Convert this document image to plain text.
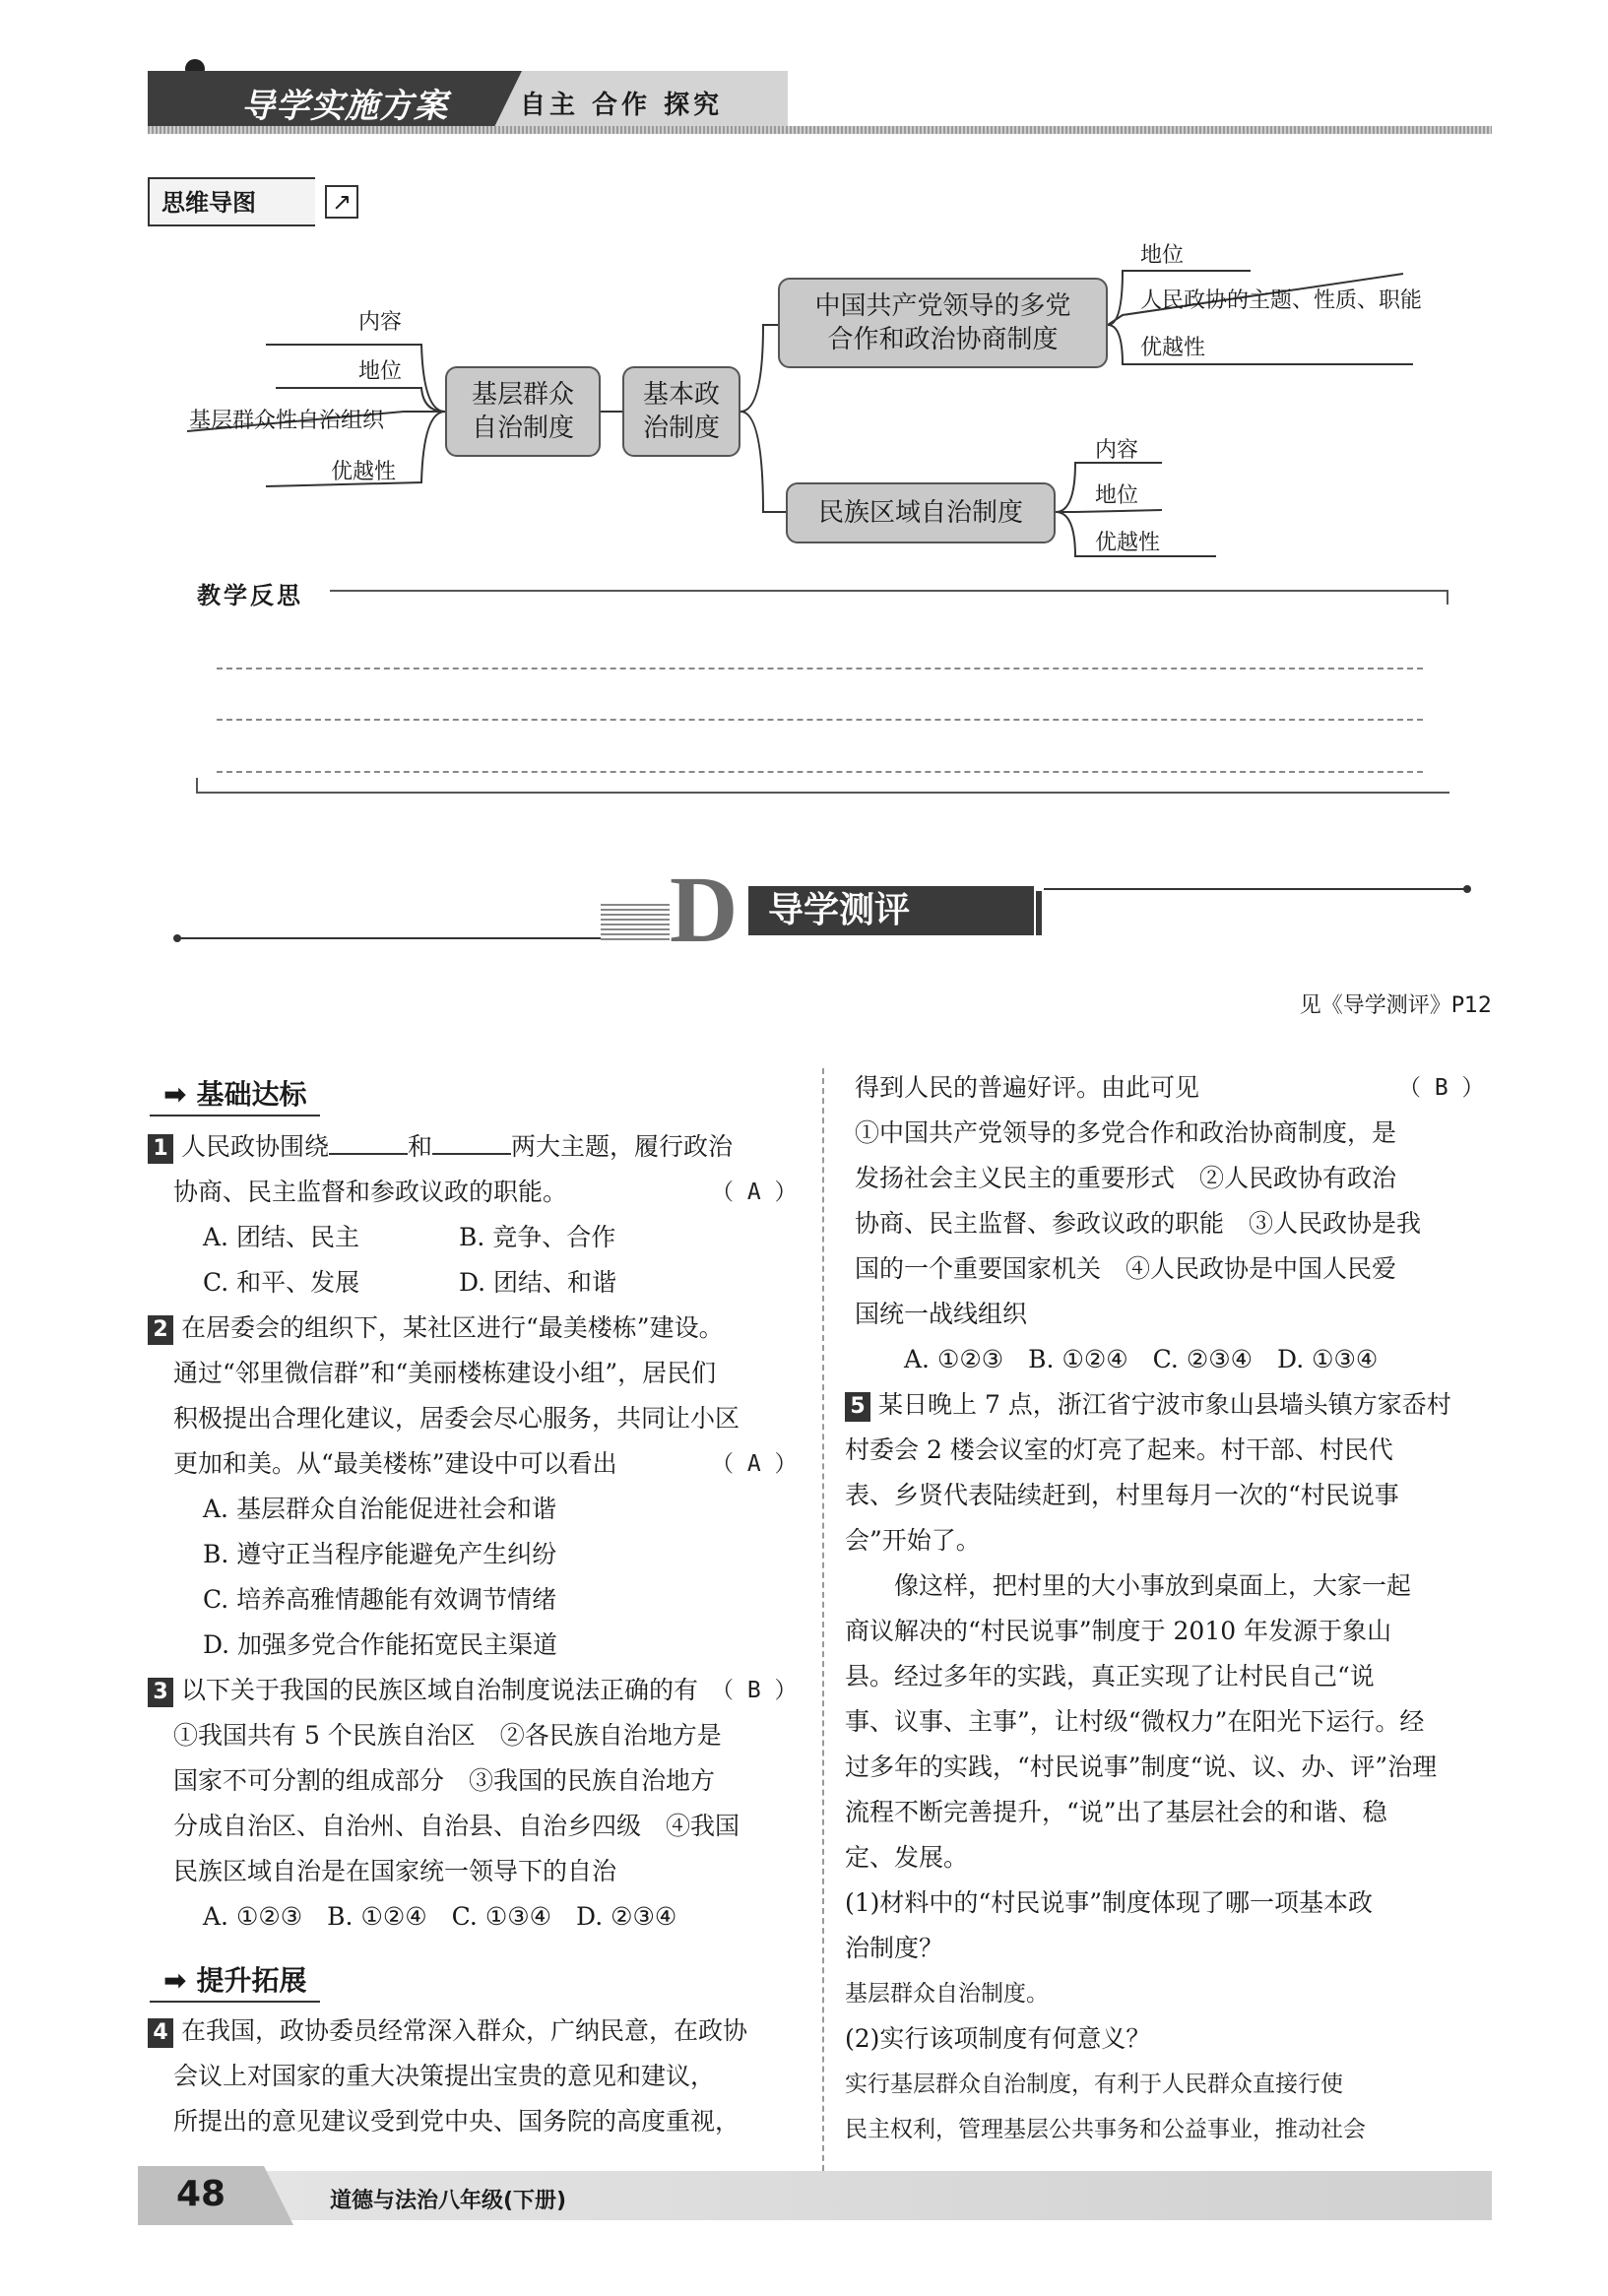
导学实施方案	自主 合作 探究
思维导图	↗
基层群众
自治制度
基本政
治制度
中国共产党领导的多党
合作和政治协商制度
民族区域自治制度
内容
地位
基层群众性自治组织
优越性
地位
人民政协的主题、性质、职能
优越性
内容
地位
优越性
教学反思
D 导学测评
见《导学测评》P12
➡ 基础达标
1 人民政协围绕	和	两大主题，履行政治
协商、民主监督和参政议政的职能。
A. 团结、民主	B. 竞争、合作
C. 和平、发展	D. 团结、和谐
（ A ）
2 在居委会的组织下，某社区进行“最美楼栋”建设。
通过“邻里微信群”和“美丽楼栋建设小组”，居民们
积极提出合理化建议，居委会尽心服务，共同让小区
更加和美。从“最美楼栋”建设中可以看出
A. 基层群众自治能促进社会和谐
B. 遵守正当程序能避免产生纠纷
C. 培养高雅情趣能有效调节情绪
D. 加强多党合作能拓宽民主渠道
（ A ）
3 以下关于我国的民族区域自治制度说法正确的有
①我国共有 5 个民族自治区　②各民族自治地方是
国家不可分割的组成部分　③我国的民族自治地方
分成自治区、自治州、自治县、自治乡四级　④我国
民族区域自治是在国家统一领导下的自治
A. ①②③　B. ①②④　C. ①③④　D. ②③④
（ B ）
➡ 提升拓展
4 在我国，政协委员经常深入群众，广纳民意，在政协
会议上对国家的重大决策提出宝贵的意见和建议，
所提出的意见建议受到党中央、国务院的高度重视，
得到人民的普遍好评。由此可见
①中国共产党领导的多党合作和政治协商制度，是
发扬社会主义民主的重要形式　②人民政协有政治
协商、民主监督、参政议政的职能　③人民政协是我
国的一个重要国家机关　④人民政协是中国人民爱
国统一战线组织
A. ①②③　B. ①②④　C. ②③④　D. ①③④
（ B ）
5 某日晚上 7 点，浙江省宁波市象山县墙头镇方家岙村
村委会 2 楼会议室的灯亮了起来。村干部、村民代
表、乡贤代表陆续赶到，村里每月一次的“村民说事
会”开始了。
　　像这样，把村里的大小事放到桌面上，大家一起
商议解决的“村民说事”制度于 2010 年发源于象山
县。经过多年的实践，真正实现了让村民自己“说
事、议事、主事”，让村级“微权力”在阳光下运行。经
过多年的实践，“村民说事”制度“说、议、办、评”治理
流程不断完善提升，“说”出了基层社会的和谐、稳
定、发展。
(1)材料中的“村民说事”制度体现了哪一项基本政
治制度？
基层群众自治制度。
(2)实行该项制度有何意义？
实行基层群众自治制度，有利于人民群众直接行使
民主权利，管理基层公共事务和公益事业，推动社会
48	道德与法治八年级(下册)
